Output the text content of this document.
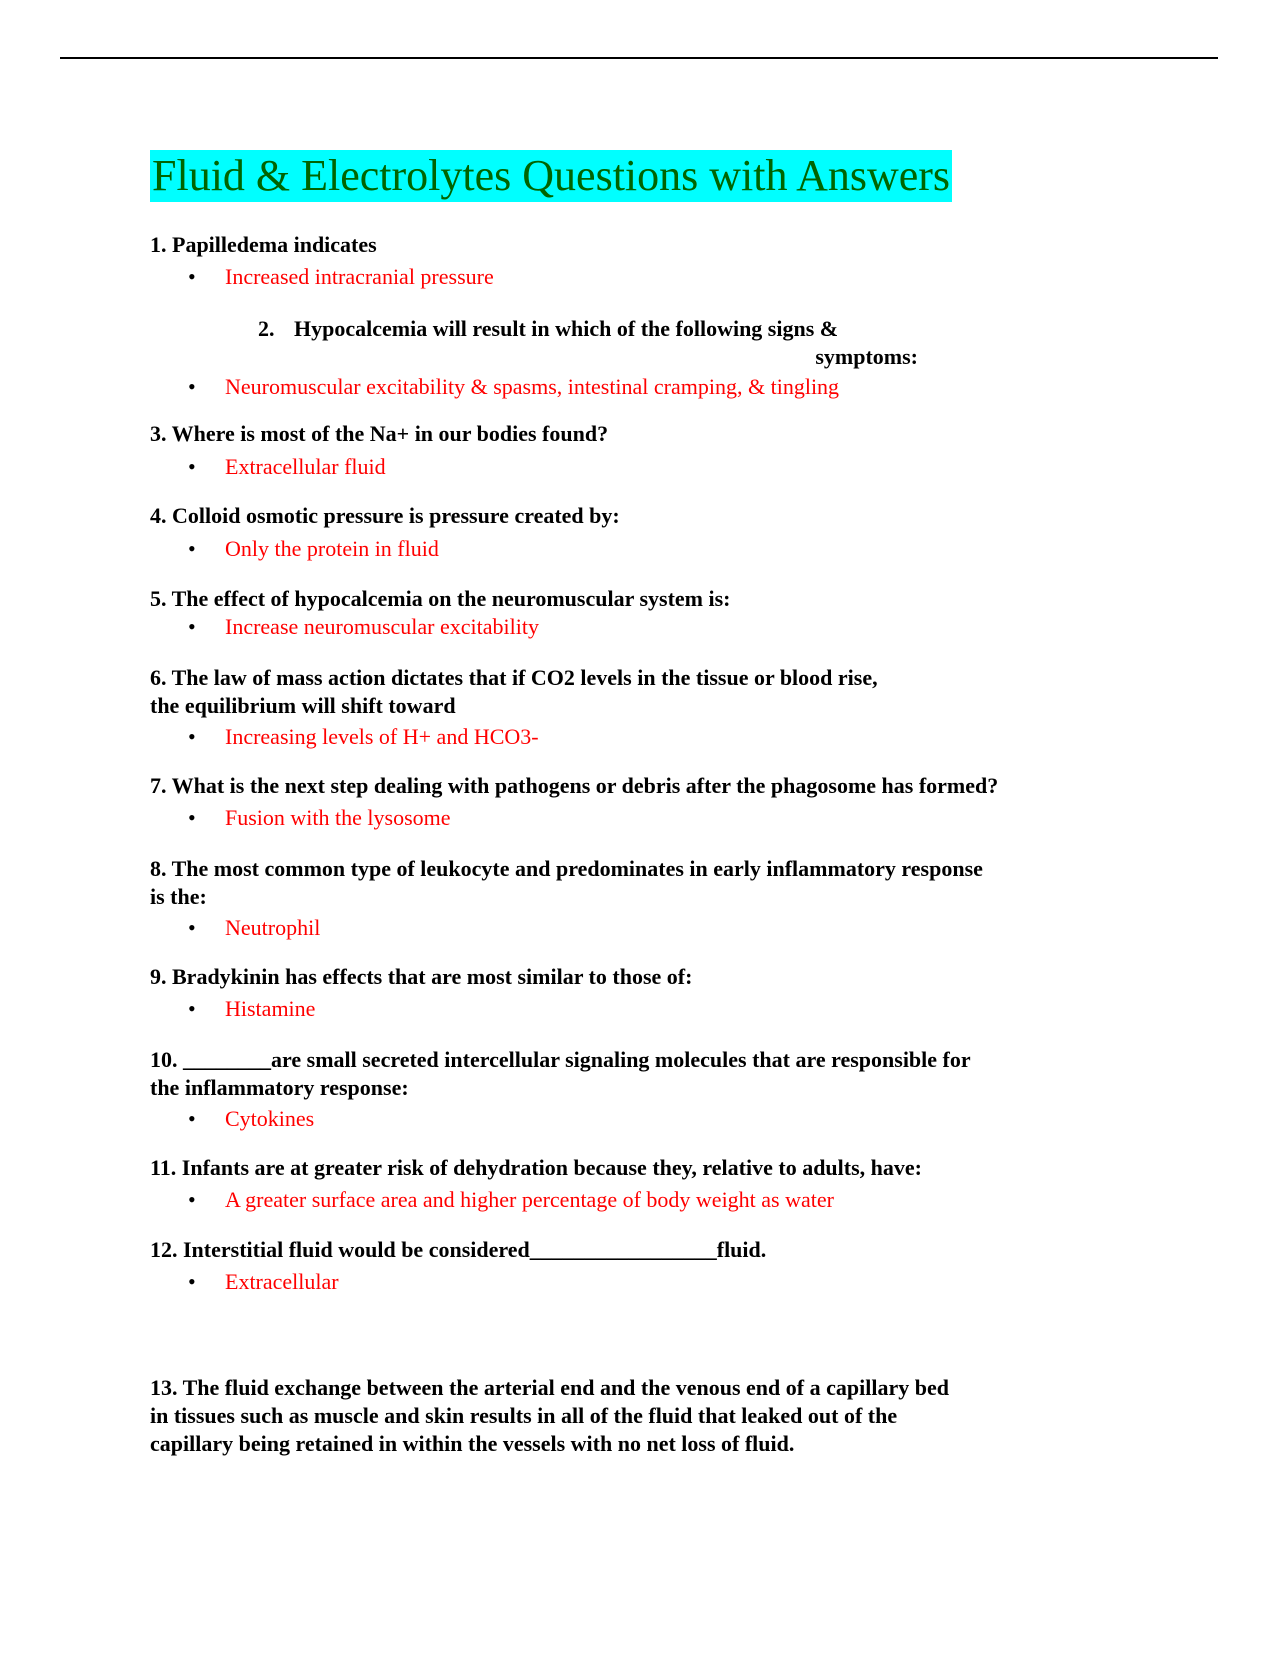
Fluid & Electrolytes Questions with Answers
1. Papilledema indicates
• Increased intracranial pressure
2. Hypocalcemia will result in which of the following signs &
symptoms:
• Neuromuscular excitability & spasms, intestinal cramping, & tingling
3. Where is most of the Na+ in our bodies found?
• Extracellular fluid
4. Colloid osmotic pressure is pressure created by:
• Only the protein in fluid
5. The effect of hypocalcemia on the neuromuscular system is:
• Increase neuromuscular excitability
6. The law of mass action dictates that if CO2 levels in the tissue or blood rise,
the equilibrium will shift toward
• Increasing levels of H+ and HCO3-
7. What is the next step dealing with pathogens or debris after the phagosome has formed?
• Fusion with the lysosome
8. The most common type of leukocyte and predominates in early inflammatory response
is the:
• Neutrophil
9. Bradykinin has effects that are most similar to those of:
• Histamine
10. ________are small secreted intercellular signaling molecules that are responsible for
the inflammatory response:
• Cytokines
11. Infants are at greater risk of dehydration because they, relative to adults, have:
• A greater surface area and higher percentage of body weight as water
12. Interstitial fluid would be considered_________________fluid.
• Extracellular
13. The fluid exchange between the arterial end and the venous end of a capillary bed
in tissues such as muscle and skin results in all of the fluid that leaked out of the
capillary being retained in within the vessels with no net loss of fluid.
